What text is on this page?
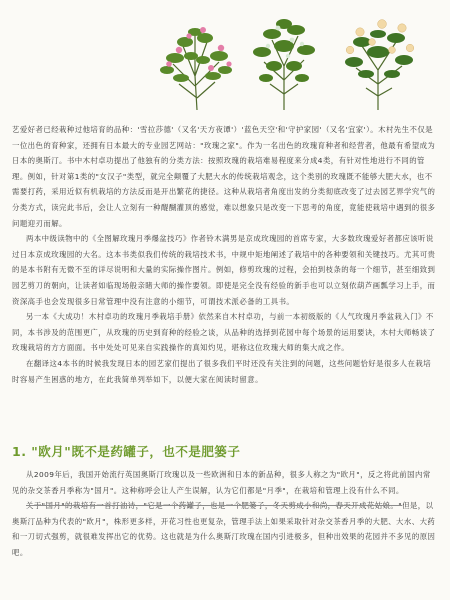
艺爱好者已经栽种过他培育的品种：'雪拉莎德'（又名'天方夜谭'）'蓝色天空'和'守护家园'（又名'宜家'）。木村先生不仅是一位出色的育种家，还拥有日本最大的专业园艺网站："玫瑰之家"。作为一名出色的玫瑰育种者和经营者，他最有希望成为日本的奥斯汀。书中木村卓功提出了他独有的分类方法：按照玫瑰的栽培难易程度来分成4类，有针对性地进行不同的管理。例如，针对第1类的"女汉子"类型，就完全颠覆了大肥大水的传统栽培观念，这个类别的玫瑰既不能够大肥大水，也不需要打药，采用近似有机栽培的方法反而是开出繁花的捷径。这种从栽培者角度出发的分类彻底改变了过去园艺界学究气的分类方式，读完此书后，会让人立刻有一种醍醐灌顶的感觉，难以想象只是改变一下思考的角度，竟能使栽培中遇到的很多问题迎刃而解。

两本中级读物中的《全图解玫瑰月季爆盆技巧》作者铃木满男是京成玫瑰园的首席专家，大多数玫瑰爱好者都应该听说过日本京成玫瑰园的大名。这本书类似我们传统的栽培技术书，中规中矩地阐述了栽培中的各种要领和关键技巧。尤其可贵的是本书附有无微不至的详尽说明和大量的实际操作图片。例如，修剪玫瑰的过程，会拍到枝条的每一个细节，甚至细致到园艺剪刀的朝向，让读者如临现场般亲睹大师的操作要领。即使是完全没有经验的新手也可以立刻依葫芦画瓢学习上手，而资深高手也会发现很多日常管理中没有注意的小细节，可谓技术派必备的工具书。

另一本《大成功！木村卓功的玫瑰月季栽培手册》依然来自木村卓功，与前一本初级版的《人气玫瑰月季盆栽入门》不同，本书涉及的范围更广，从玫瑰的历史到育种的经验之谈，从品种的选择到花园中每个场景的运用要诀，木村大师畅谈了玫瑰栽培的方方面面。书中处处可见来自实践操作的真知灼见，堪称这位玫瑰大师的集大成之作。

在翻译这4本书的时候我发现日本的园艺家们提出了很多我们平时还没有关注到的问题，这些问题恰好是很多人在栽培时容易产生困惑的地方，在此我简单列举如下，以便大家在阅读时留意。

1. "欧月"既不是药罐子，也不是肥篓子

从2009年后，我国开始流行英国奥斯汀玫瑰以及一些欧洲和日本的新品种，很多人称之为"欧月"，反之将此前国内常见的杂交茶香月季称为"国月"。这种称呼会让人产生误解，认为它们都是"月季"，在栽培和管理上没有什么不同。

关于"国月"的栽培有一首打油诗，"它是一个药罐子，也是一个肥篓子，冬天剪成小和尚，春天开成花姑娘。"但是，以奥斯汀品种为代表的"欧月"，株形更多样，开花习性也更复杂，管理手法上如果采取针对杂交茶香月季的大肥、大水、大药和一刀切式强剪，就很难发挥出它的优势。这也就是为什么奥斯汀玫瑰在国内引进极多，但种出效果的花园并不多见的原因吧。
